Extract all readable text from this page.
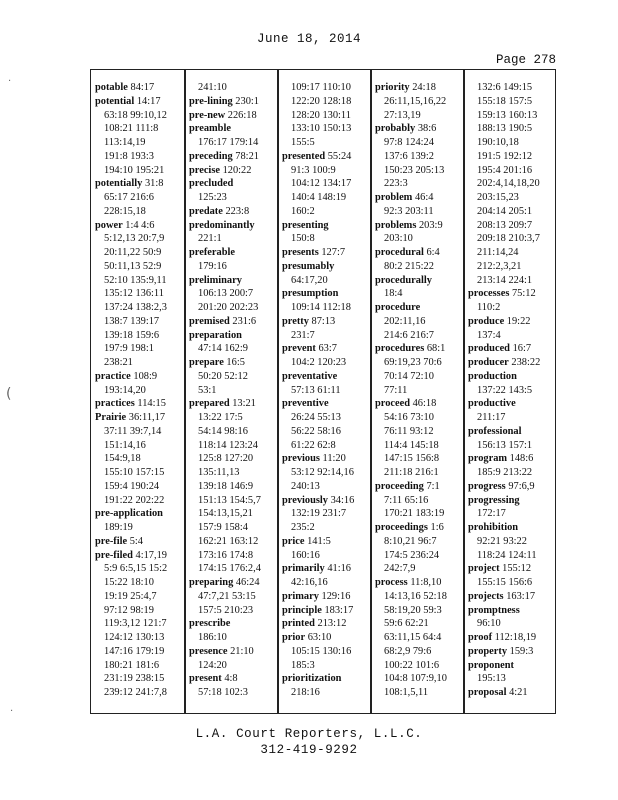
June 18, 2014
Page 278
·
(
·
potable 84:17
potential 14:17
63:18 99:10,12
108:21 111:8
113:14,19
191:8 193:3
194:10 195:21
potentially 31:8
65:17 216:6
228:15,18
power 1:4 4:6
5:12,13 20:7,9
20:11,22 50:9
50:11,13 52:9
52:10 135:9,11
135:12 136:11
137:24 138:2,3
138:7 139:17
139:18 159:6
197:9 198:1
238:21
practice 108:9
193:14,20
practices 114:15
Prairie 36:11,17
37:11 39:7,14
151:14,16
154:9,18
155:10 157:15
159:4 190:24
191:22 202:22
pre-application
189:19
pre-file 5:4
pre-filed 4:17,19
5:9 6:5,15 15:2
15:22 18:10
19:19 25:4,7
97:12 98:19
119:3,12 121:7
124:12 130:13
147:16 179:19
180:21 181:6
231:19 238:15
239:12 241:7,8
241:10
pre-lining 230:1
pre-new 226:18
preamble
176:17 179:14
preceding 78:21
precise 120:22
precluded
125:23
predate 223:8
predominantly
221:1
preferable
179:16
preliminary
106:13 200:7
201:20 202:23
premised 231:6
preparation
47:14 162:9
prepare 16:5
50:20 52:12
53:1
prepared 13:21
13:22 17:5
54:14 98:16
118:14 123:24
125:8 127:20
135:11,13
139:18 146:9
151:13 154:5,7
154:13,15,21
157:9 158:4
162:21 163:12
173:16 174:8
174:15 176:2,4
preparing 46:24
47:7,21 53:15
157:5 210:23
prescribe
186:10
presence 21:10
124:20
present 4:8
57:18 102:3
109:17 110:10
122:20 128:18
128:20 130:11
133:10 150:13
155:5
presented 55:24
91:3 100:9
104:12 134:17
140:4 148:19
160:2
presenting
150:8
presents 127:7
presumably
64:17,20
presumption
109:14 112:18
pretty 87:13
231:7
prevent 63:7
104:2 120:23
preventative
57:13 61:11
preventive
26:24 55:13
56:22 58:16
61:22 62:8
previous 11:20
53:12 92:14,16
240:13
previously 34:16
132:19 231:7
235:2
price 141:5
160:16
primarily 41:16
42:16,16
primary 129:16
principle 183:17
printed 213:12
prior 63:10
105:15 130:16
185:3
prioritization
218:16
priority 24:18
26:11,15,16,22
27:13,19
probably 38:6
97:8 124:24
137:6 139:2
150:23 205:13
223:3
problem 46:4
92:3 203:11
problems 203:9
203:10
procedural 6:4
80:2 215:22
procedurally
18:4
procedure
202:11,16
214:6 216:7
procedures 68:1
69:19,23 70:6
70:14 72:10
77:11
proceed 46:18
54:16 73:10
76:11 93:12
114:4 145:18
147:15 156:8
211:18 216:1
proceeding 7:1
7:11 65:16
170:21 183:19
proceedings 1:6
8:10,21 96:7
174:5 236:24
242:7,9
process 11:8,10
14:13,16 52:18
58:19,20 59:3
59:6 62:21
63:11,15 64:4
68:2,9 79:6
100:22 101:6
104:8 107:9,10
108:1,5,11
132:6 149:15
155:18 157:5
159:13 160:13
188:13 190:5
190:10,18
191:5 192:12
195:4 201:16
202:4,14,18,20
203:15,23
204:14 205:1
208:13 209:7
209:18 210:3,7
211:14,24
212:2,3,21
213:14 224:1
processes 75:12
110:2
produce 19:22
137:4
produced 16:7
producer 238:22
production
137:22 143:5
productive
211:17
professional
156:13 157:1
program 148:6
185:9 213:22
progress 97:6,9
progressing
172:17
prohibition
92:21 93:22
118:24 124:11
project 155:12
155:15 156:6
projects 163:17
promptness
96:10
proof 112:18,19
property 159:3
proponent
195:13
proposal 4:21
L.A. Court Reporters, L.L.C.
312-419-9292
